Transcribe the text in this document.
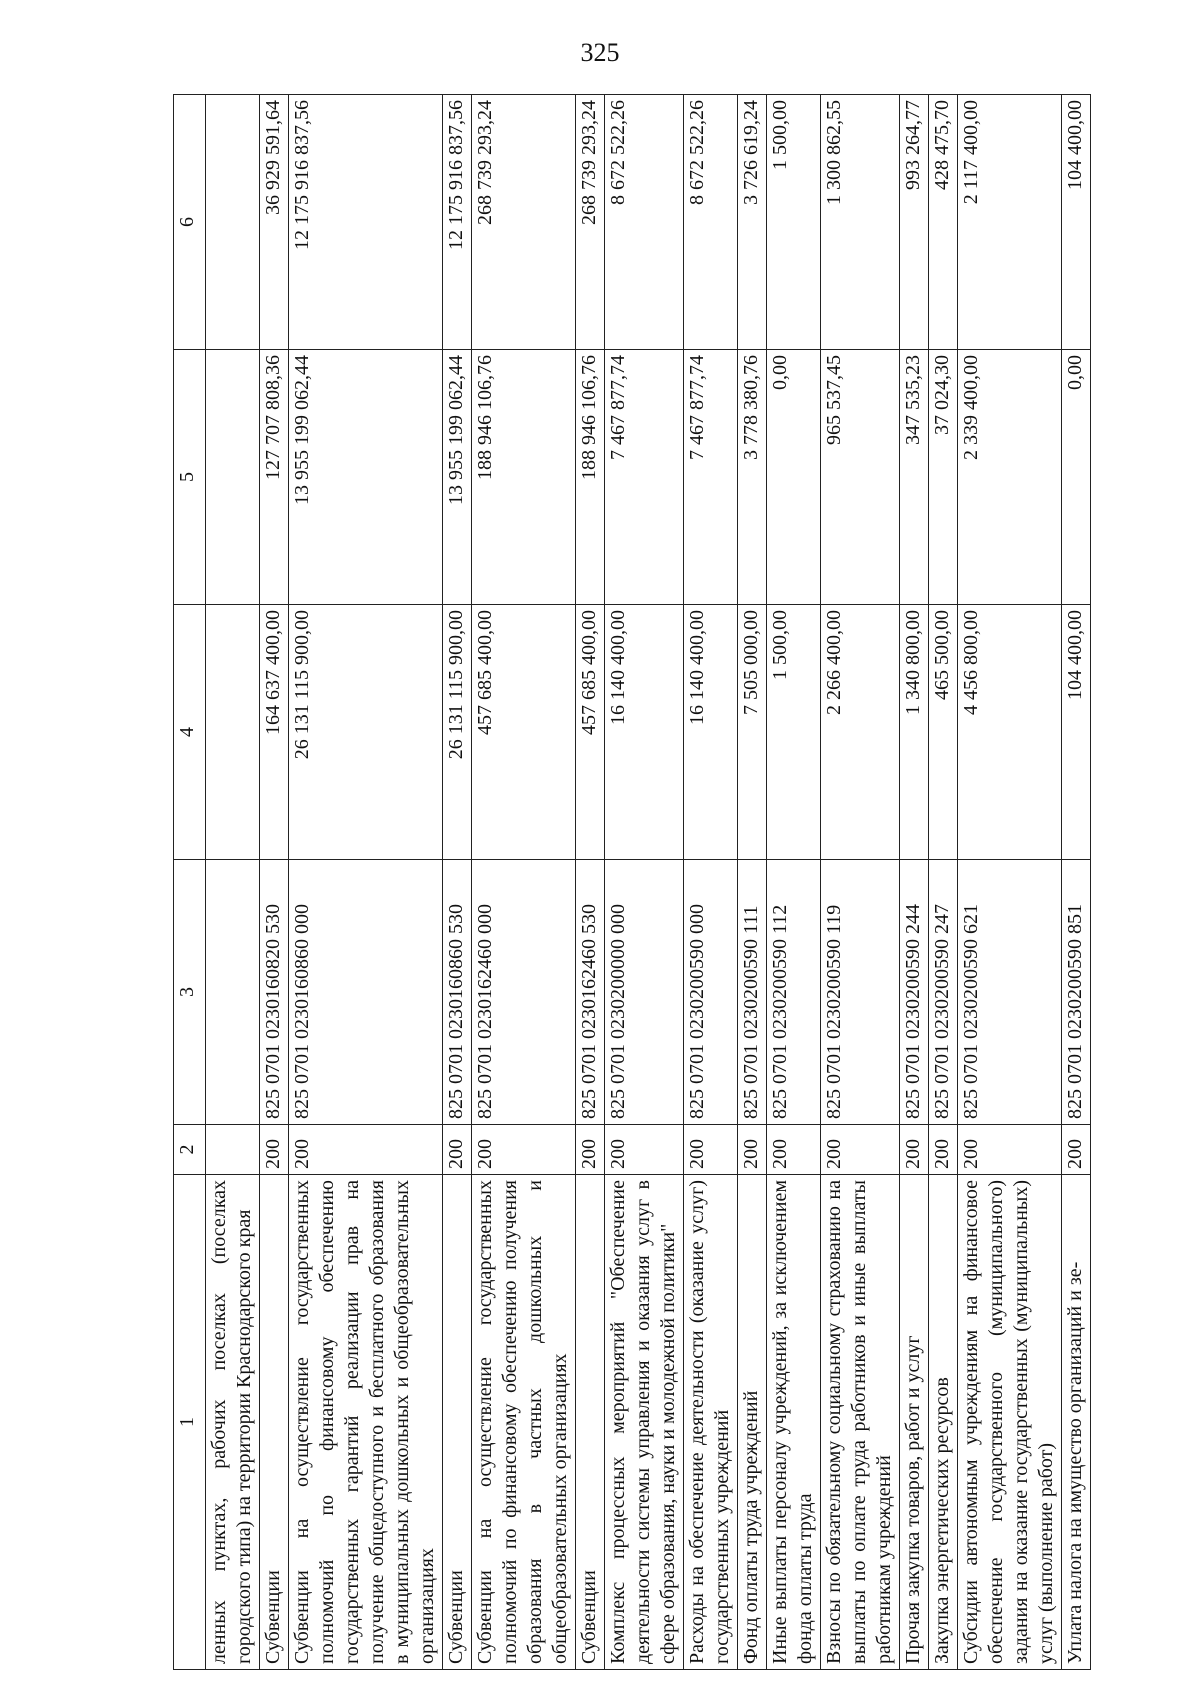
325
1	2	3	4	5	6
ленных пунктах, рабочих поселках (поселках городского типа) на территории Краснодарского края					
Субвенции	200	825 0701 0230160820 530	164 637 400,00	127 707 808,36	36 929 591,64
Субвенции на осуществление государственных полномочий по финансовому обеспечению государственных гарантий реализации прав на получение общедоступного и бесплатного образования в муниципальных дошкольных и общеобразовательных организациях	200	825 0701 0230160860 000	26 131 115 900,00	13 955 199 062,44	12 175 916 837,56
Субвенции	200	825 0701 0230160860 530	26 131 115 900,00	13 955 199 062,44	12 175 916 837,56
Субвенции на осуществление государственных полномочий по финансовому обеспечению получения образования в частных дошкольных и общеобразовательных организациях	200	825 0701 0230162460 000	457 685 400,00	188 946 106,76	268 739 293,24
Субвенции	200	825 0701 0230162460 530	457 685 400,00	188 946 106,76	268 739 293,24
Комплекс процессных мероприятий "Обеспечение деятельности системы управления и оказания услуг в сфере образования, науки и молодежной политики"	200	825 0701 0230200000 000	16 140 400,00	7 467 877,74	8 672 522,26
Расходы на обеспечение деятельности (оказание услуг) государственных учреждений	200	825 0701 0230200590 000	16 140 400,00	7 467 877,74	8 672 522,26
Фонд оплаты труда учреждений	200	825 0701 0230200590 111	7 505 000,00	3 778 380,76	3 726 619,24
Иные выплаты персоналу учреждений, за исключением фонда оплаты труда	200	825 0701 0230200590 112	1 500,00	0,00	1 500,00
Взносы по обязательному социальному страхованию на выплаты по оплате труда работников и иные выплаты работникам учреждений	200	825 0701 0230200590 119	2 266 400,00	965 537,45	1 300 862,55
Прочая закупка товаров, работ и услуг	200	825 0701 0230200590 244	1 340 800,00	347 535,23	993 264,77
Закупка энергетических ресурсов	200	825 0701 0230200590 247	465 500,00	37 024,30	428 475,70
Субсидии автономным учреждениям на финансовое обеспечение государственного (муниципального) задания на оказание государственных (муниципальных) услуг (выполнение работ)	200	825 0701 0230200590 621	4 456 800,00	2 339 400,00	2 117 400,00
Уплата налога на имущество организаций и зе-	200	825 0701 0230200590 851	104 400,00	0,00	104 400,00
